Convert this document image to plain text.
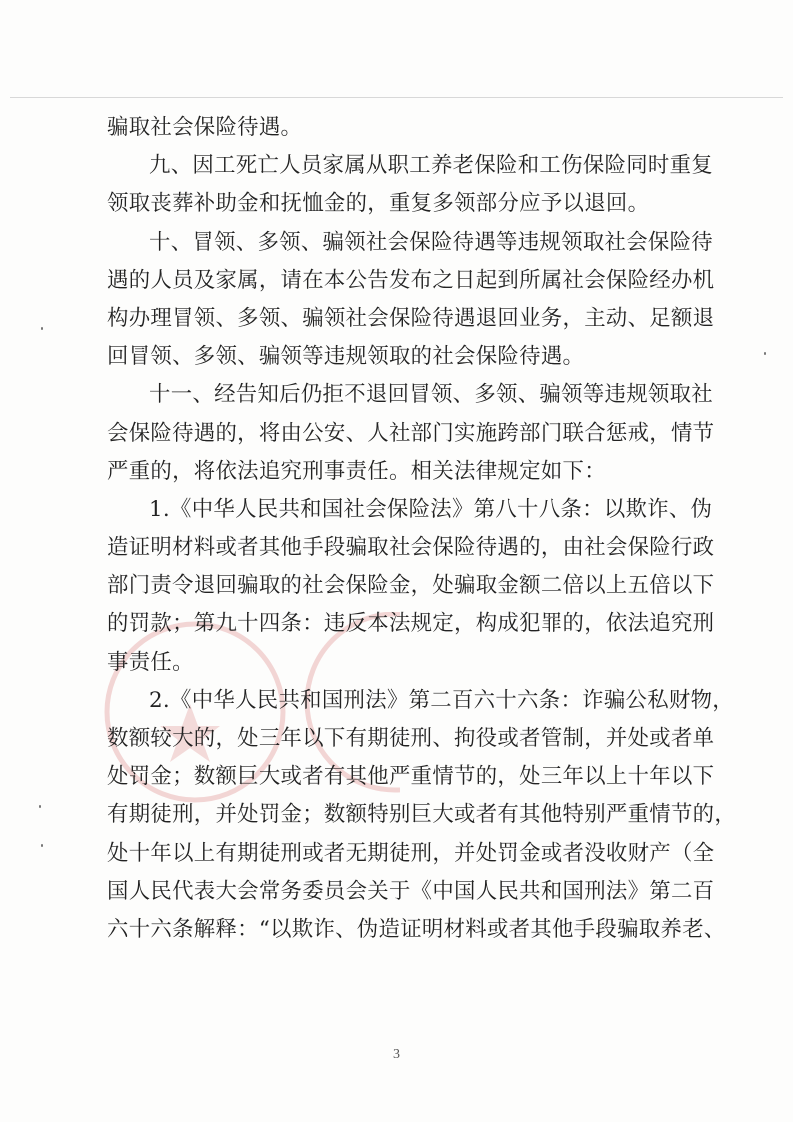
骗取社会保险待遇。

九、因工死亡人员家属从职工养老保险和工伤保险同时重复

领取丧葬补助金和抚恤金的，重复多领部分应予以退回。

十、冒领、多领、骗领社会保险待遇等违规领取社会保险待

遇的人员及家属，请在本公告发布之日起到所属社会保险经办机
构办理冒领、多领、骗领社会保险待遇退回业务，主动、足额退
回冒领、多领、骗领等违规领取的社会保险待遇。

十一、经告知后仍拒不退回冒领、多领、骗领等违规领取社

会保险待遇的，将由公安、人社部门实施跨部门联合惩戒，情节
严重的，将依法追究刑事责任。相关法律规定如下：

1.《中华人民共和国社会保险法》第八十八条：以欺诈、伪

造证明材料或者其他手段骗取社会保险待遇的，由社会保险行政
部门责令退回骗取的社会保险金，处骗取金额二倍以上五倍以下
的罚款；第九十四条：违反本法规定，构成犯罪的，依法追究刑
事责任。

2.《中华人民共和国刑法》第二百六十六条：诈骗公私财物，

数额较大的，处三年以下有期徒刑、拘役或者管制，并处或者单
处罚金；数额巨大或者有其他严重情节的，处三年以上十年以下
有期徒刑，并处罚金；数额特别巨大或者有其他特别严重情节的，
处十年以上有期徒刑或者无期徒刑，并处罚金或者没收财产（全
国人民代表大会常务委员会关于《中国人民共和国刑法》第二百
六十六条解释：“以欺诈、伪造证明材料或者其他手段骗取养老、

3
